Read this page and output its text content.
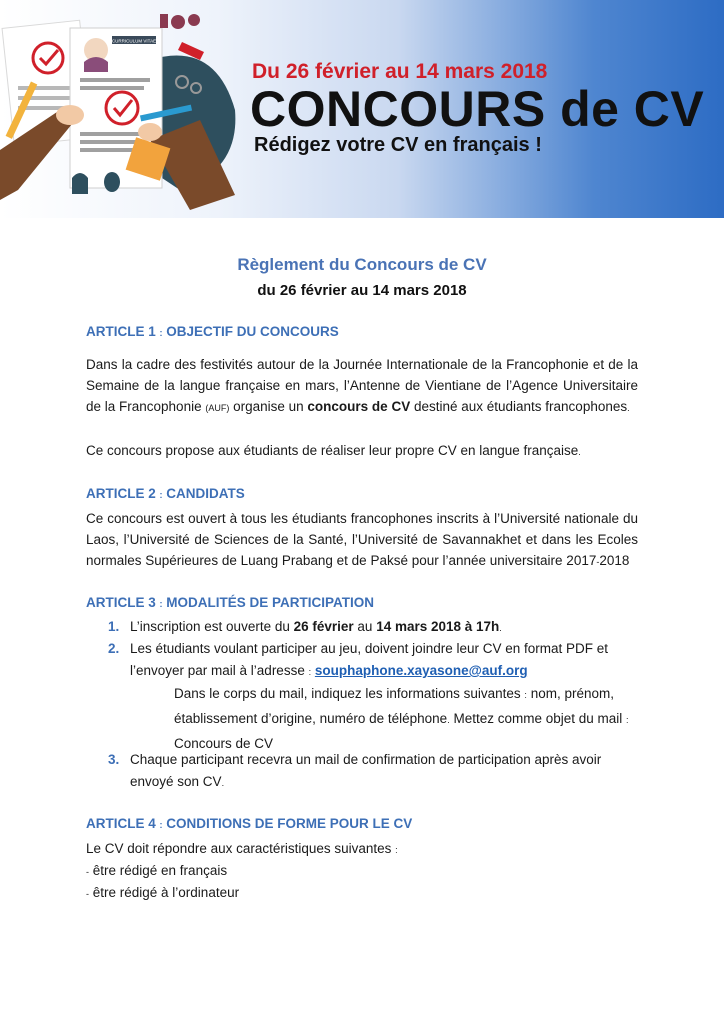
CURRICULUM VITAE
Du 26 février au 14 mars 2018
CONCOURS de CV
Rédigez votre CV en français !
Règlement du Concours de CV
du 26 février au 14 mars 2018
ARTICLE 1 : OBJECTIF DU CONCOURS
Dans la cadre des festivités autour de la Journée Internationale de la Francophonie et de la Semaine de la langue française en mars, l’Antenne de Vientiane de l’Agence Universitaire de la Francophonie (AUF) organise un concours de CV destiné aux étudiants francophones.
Ce concours propose aux étudiants de réaliser leur propre CV en langue française.
ARTICLE 2 : CANDIDATS
Ce concours est ouvert à tous les étudiants francophones inscrits à l’Université nationale du Laos, l’Université de Sciences de la Santé, l’Université de Savannakhet et dans les Ecoles normales Supérieures de Luang Prabang et de Paksé pour l’année universitaire 2017-2018
ARTICLE 3 : MODALITÉS DE PARTICIPATION
1. L’inscription est ouverte du 26 février au 14 mars 2018 à 17h.
2. Les étudiants voulant participer au jeu, doivent joindre leur CV en format PDF et l’envoyer par mail à l’adresse : souphaphone.xayasone@auf.org
Dans le corps du mail, indiquez les informations suivantes : nom, prénom, établissement d’origine, numéro de téléphone. Mettez comme objet du mail : Concours de CV
3. Chaque participant recevra un mail de confirmation de participation après avoir envoyé son CV.
ARTICLE 4 : CONDITIONS DE FORME POUR LE CV
Le CV doit répondre aux caractéristiques suivantes :
- être rédigé en français
- être rédigé à l’ordinateur
